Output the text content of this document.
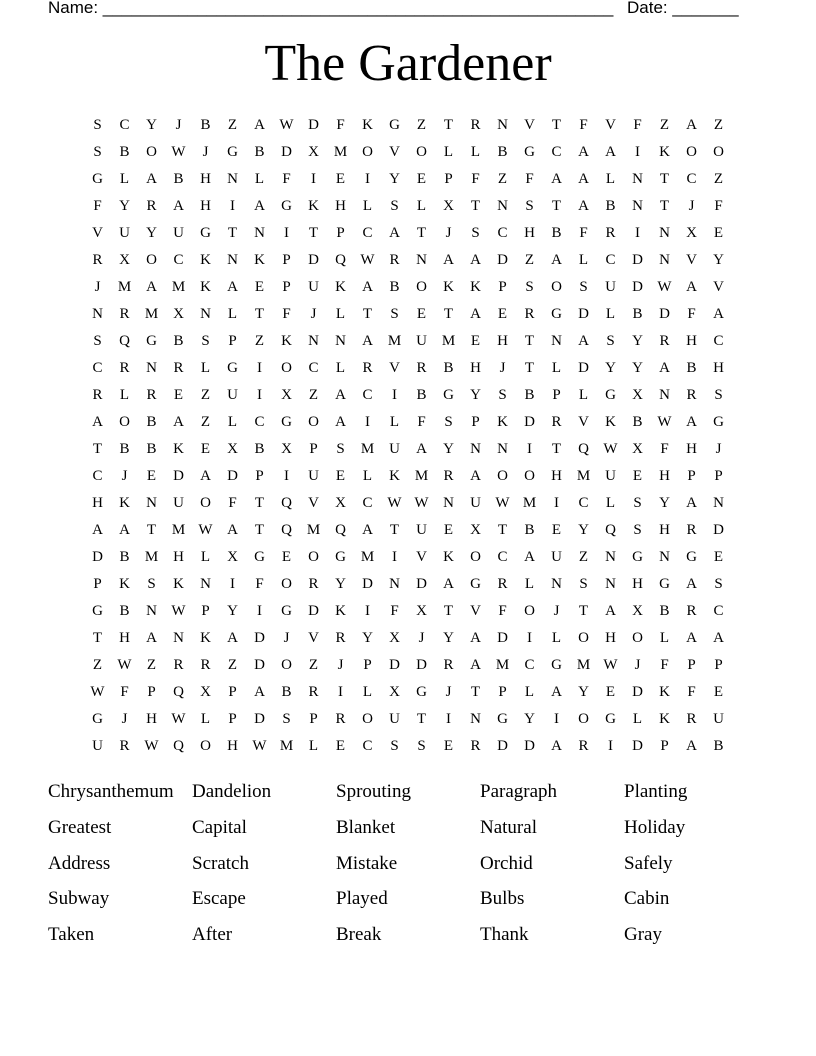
Name: ______________________________________________________ Date: _______
The Gardener
S	C	Y	J	B	Z	A W D	F	K	G	Z	T	R	N	V	T	F	V	F	Z	A	Z
S	B	O W	J	G	B	D	X M O	V	O	L	L	B	G	C	A	A	I	K	O	O
G	L	A	B	H	N	L	F	I	E	I	Y	E	P	F	Z	F	A	A	L	N	T	C	Z
F	Y	R	A	H	I	A	G	K	H	L	S	L	X	T	N	S	T	A	B	N	T	J	F
V	U	Y	U	G	T	N	I	T	P	C	A	T	J	S	C	H	B	F	R	I	N	X	E
R	X	O	C	K	N	K	P	D	Q W R	N	A	A	D	Z	A	L	C	D	N	V	Y
J	M A M K	A	E	P	U	K	A	B	O	K	K	P	S	O	S	U	D W A	V
N	R	M X	N	L	T	F	J	L	T	S	E	T	A	E	R	G	D	L	B	D	F	A
S	Q	G	B	S	P	Z	K	N	N	A M U M	E	H	T	N	A	S	Y	R	H	C
C	R	N	R	L	G	I	O	C	L	R	V	R	B	H	J	T	L	D	Y	Y	A	B	H
R	L	R	E	Z	U	I	X	Z	A	C	I	B	G	Y	S	B	P	L	G	X	N	R	S
A	O	B	A	Z	L	C	G	O	A	I	L	F	S	P	K	D	R	V	K	B W A	G
T	B	B	K	E	X	B	X	P	S	M U	A	Y	N	N	I	T	Q W X	F	H	J
C	J	E	D	A	D	P	I	U	E	L	K M	R	A	O	O	H M U	E	H	P	P
H	K	N	U	O	F	T	Q	V	X	C W W N	U W M	I	C	L	S	Y	A	N
A	A	T	M W A	T	Q M Q	A	T	U	E	X	T	B	E	Y	Q	S	H	R	D
D	B	M H	L	X	G	E	O	G M	I	V	K	O	C	A	U	Z	N	G	N	G	E
P	K	S	K	N	I	F	O	R	Y	D	N	D	A	G	R	L	N	S	N	H	G	A	S
G	B	N W	P	Y	I	G	D	K	I	F	X	T	V	F	O	J	T	A	X	B	R	C
T	H	A	N	K	A	D	J	V	R	Y	X	J	Y	A	D	I	L	O	H	O	L	A	A
Z	W	Z	R	R	Z	D	O	Z	J	P	D	D	R	A M	C	G M W	J	F	P	P
W	F	P	Q	X	P	A	B	R	I	L	X	G	J	T	P	L	A	Y	E	D	K	F	E
G	J	H W	L	P	D	S	P	R	O	U	T	I	N	G	Y	I	O	G	L	K	R	U
U	R W Q	O	H W M	L	E	C	S	S	E	R	D	D	A	R	I	D	P	A	B
Chrysanthemum Dandelion	Sprouting	Paragraph	Planting
Greatest	Capital	Blanket	Natural	Holiday
Address	Scratch	Mistake	Orchid	Safely
Subway	Escape	Played	Bulbs	Cabin
Taken	After	Break	Thank	Gray
